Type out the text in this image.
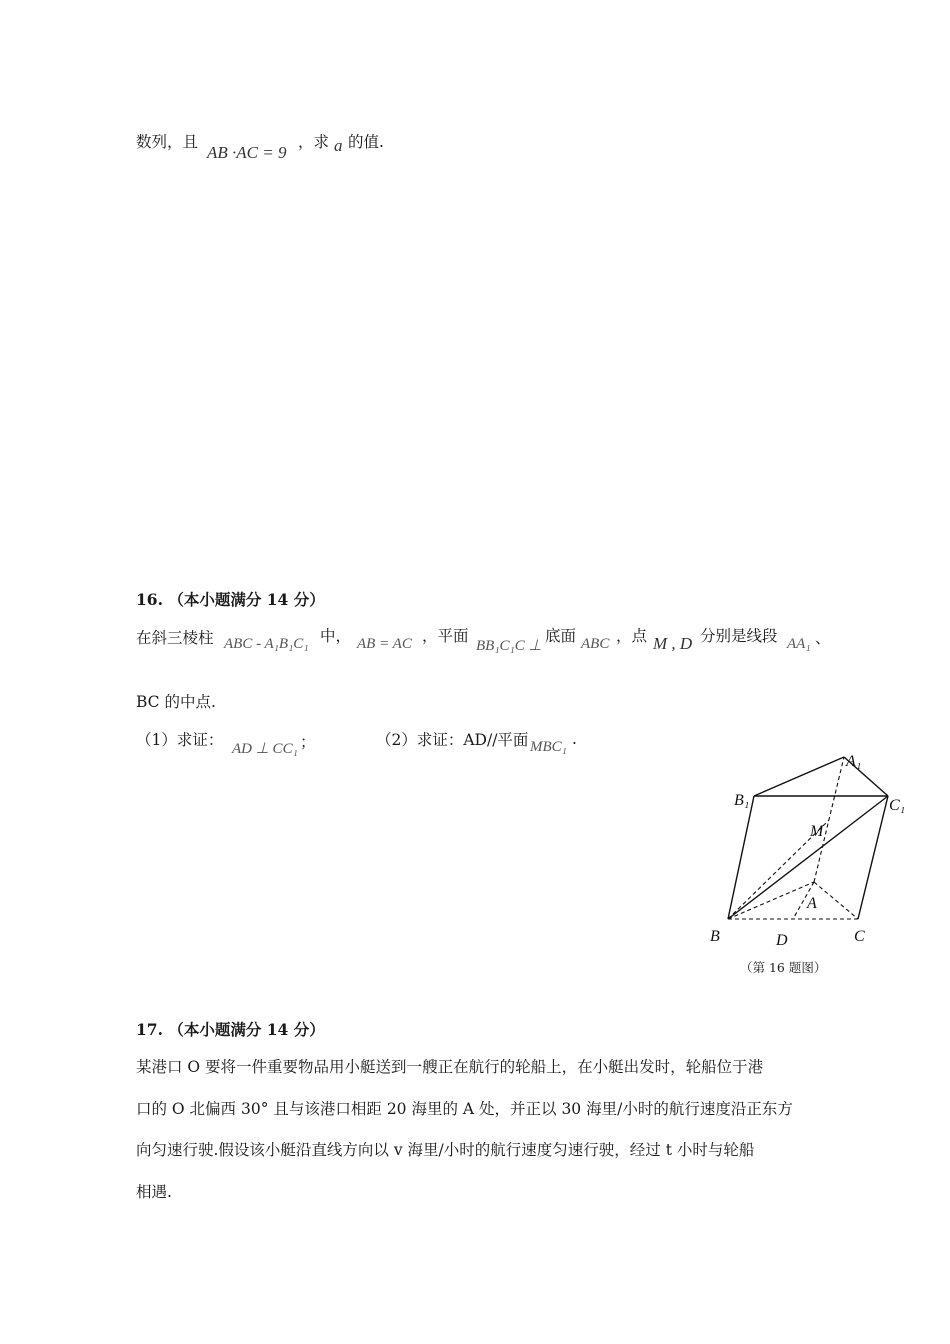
数列，且
AB ·AC = 9
，求 a 的值.
16. （本小题满分 14 分）
在斜三棱柱 ABC - A₁B₁C₁ 中， AB = AC ，平面
BB₁C₁C ⊥
底面 ABC ，点 M , D 分别是线段 AA₁ 、
BC 的中点.
（1）求证： AD ⊥ CC₁ ；	（2）求证：AD//平面 MBC₁ .
A₁
B₁	C₁
M
A
B	D	C
（第 16 题图）
17. （本小题满分 14 分）
某港口 O 要将一件重要物品用小艇送到一艘正在航行的轮船上，在小艇出发时，轮船位于港
口的 O 北偏西 30° 且与该港口相距 20 海里的 A 处，并正以 30 海里/小时的航行速度沿正东方
向匀速行驶.假设该小艇沿直线方向以 v 海里/小时的航行速度匀速行驶，经过 t 小时与轮船
相遇.
